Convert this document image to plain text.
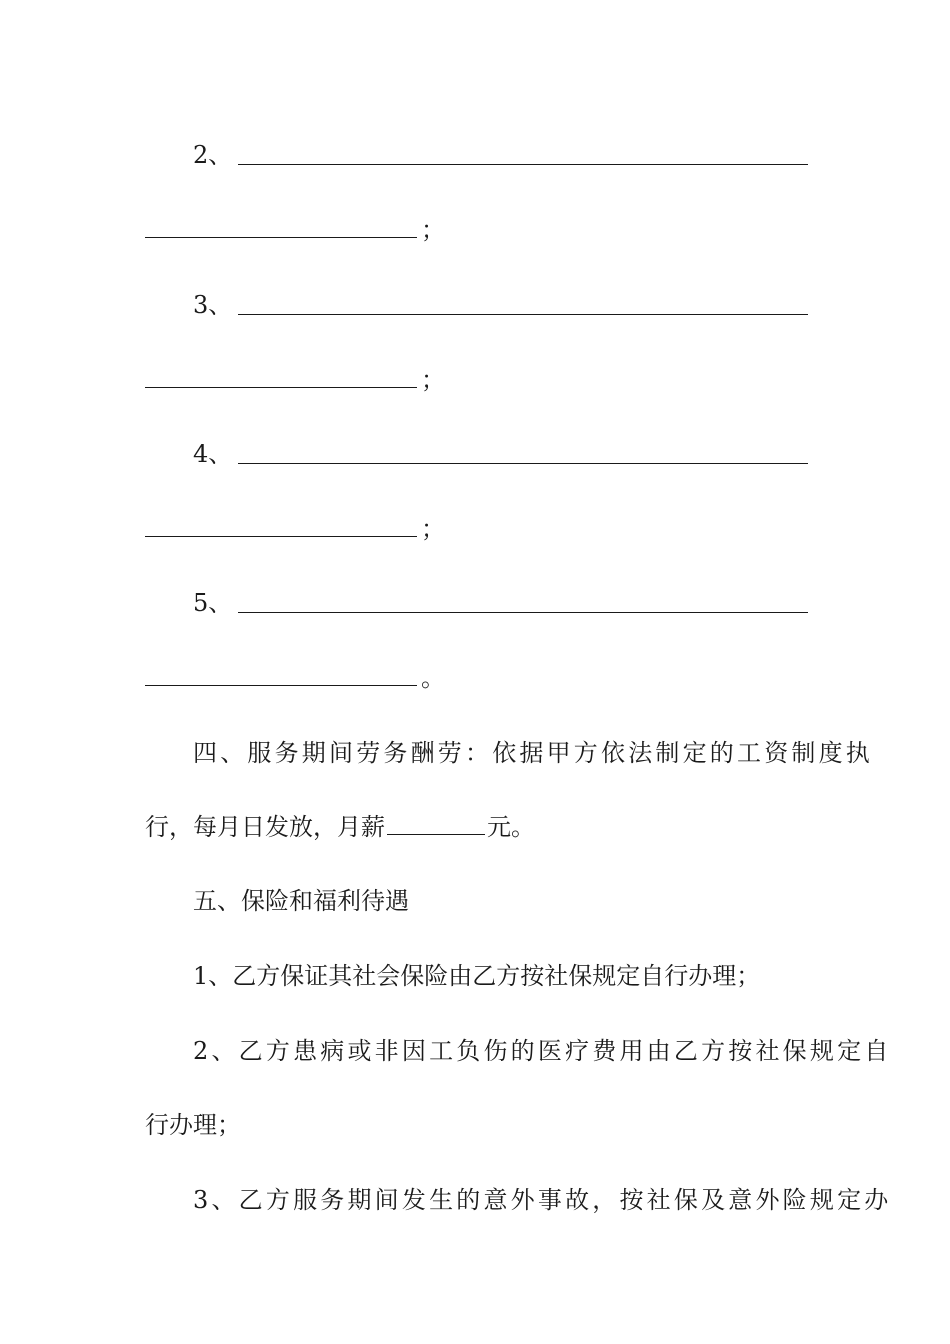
2、
；
3、
；
4、
；
5、
。
四、服务期间劳务酬劳：依据甲方依法制定的工资制度执
行，每月日发放，月薪	元。
五、保险和福利待遇
1、乙方保证其社会保险由乙方按社保规定自行办理；
2、乙方患病或非因工负伤的医疗费用由乙方按社保规定自
行办理；
3、乙方服务期间发生的意外事故，按社保及意外险规定办
